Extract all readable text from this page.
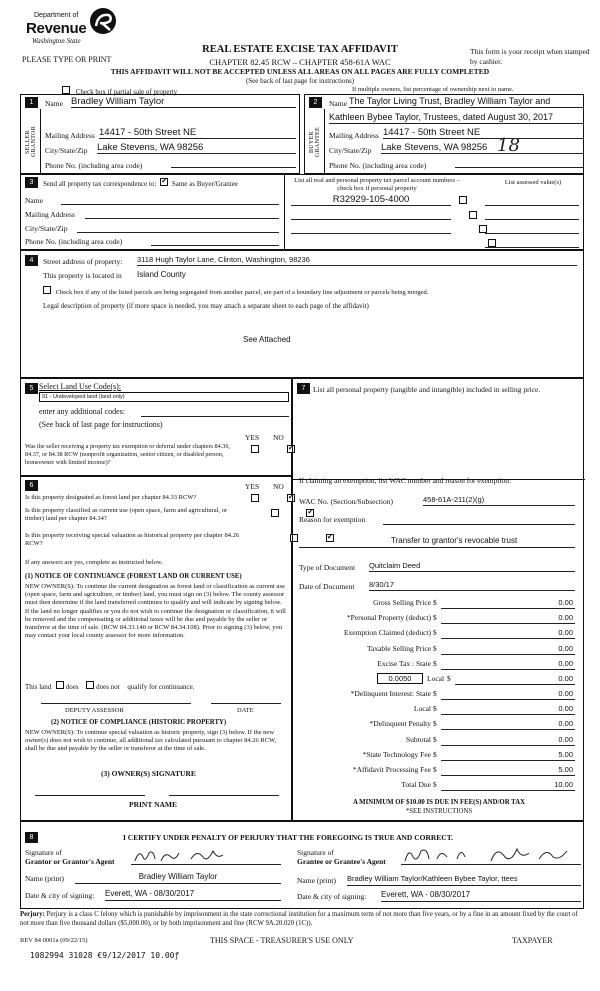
Department of
Revenue
Washington State
PLEASE TYPE OR PRINT
REAL ESTATE EXCISE TAX AFFIDAVIT
CHAPTER 82.45 RCW – CHAPTER 458-61A WAC
THIS AFFIDAVIT WILL NOT BE ACCEPTED UNLESS ALL AREAS ON ALL PAGES ARE FULLY COMPLETED
(See back of last page for instructions)
This form is your receipt when stamped by cashier.
Check box if partial sale of property	If multiple owners, list percentage of ownership next to name.
1
SELLER GRANTOR
Name Bradley William Taylor
Mailing Address 14417 - 50th Street NE
City/State/Zip Lake Stevens, WA 98256
Phone No. (including area code)
2
BUYER GRANTEE
Name The Taylor Living Trust, Bradley William Taylor and
Kathleen Bybee Taylor, Trustees, dated August 30, 2017
Mailing Address 14417 - 50th Street NE
City/State/Zip Lake Stevens, WA 98256 18
Phone No. (including area code)
3	Send all property tax correspondence to: ✓ Same as Buyer/Grantee
Name
Mailing Address
City/State/Zip
Phone No. (including area code)
List all real and personal property tax parcel account numbers – check box if personal property
R32929-105-4000

List assessed value(s)
4	Street address of property: 3118 Hugh Taylor Lane, Clinton, Washington, 98236
This property is located in Island County
Check box if any of the listed parcels are being segregated from another parcel, are part of a boundary line adjustment or parcels being merged.
Legal description of property (if more space is needed, you may attach a separate sheet to each page of the affidavit)
See Attached
5 Select Land Use Code(s):
91 - Undeveloped land (land only)
enter any additional codes:
(See back of last page for instructions)
YES NO
Was the seller receiving a property tax exemption or deferral under chapters 84.36, 84.37, or 84.38 RCW (nonprofit organization, senior citizen, or disabled person, homeowner with limited income)?
✓
6	YES NO
Is this property designated as forest land per chapter 84.33 RCW?
✓
Is this property classified as current use (open space, farm and agricultural, or timber) land per chapter 84.34?
✓
Is this property receiving special valuation as historical property per chapter 84.26 RCW?
✓
If any answers are yes, complete as instructed below.
(1) NOTICE OF CONTINUANCE (FOREST LAND OR CURRENT USE)
NEW OWNER(S): To continue the current designation as forest land or classification as current use (open space, farm and agriculture, or timber) land, you must sign on (3) below. The county assessor must then determine if the land transferred continues to qualify and will indicate by signing below. If the land no longer qualifies or you do not wish to continue the designation or classification, it will be removed and the compensating or additional taxes will be due and payable by the seller or transferor at the time of sale. (RCW 84.33.140 or RCW 84.34.108). Prior to signing (3) below, you may contact your local county assessor for more information.
This land does	does not qualify for continuance.
DEPUTY ASSESSOR	DATE
(2) NOTICE OF COMPLIANCE (HISTORIC PROPERTY)
NEW OWNER(S): To continue special valuation as historic property, sign (3) below. If the new owner(s) does not wish to continue, all additional tax calculated pursuant to chapter 84.26 RCW, shall be due and payable by the seller or transferor at the time of sale.
(3) OWNER(S) SIGNATURE
PRINT NAME
7	List all personal property (tangible and intangible) included in selling price.
If claiming an exemption, list WAC number and reason for exemption:
WAC No. (Section/Subsection)	458-61A-211(2)(g)
Reason for exemption
Transfer to grantor's revocable trust
Type of Document Quitclaim Deed
Date of Document 8/30/17
Gross Selling Price $	0.00
*Personal Property (deduct) $	0.00
Exemption Claimed (deduct) $	0.00
Taxable Selling Price $	0.00
Excise Tax : State $	0.00
0.0050	Local $	0.00
*Delinquent Interest: State $	0.00
Local $	0.00
*Delinquent Penalty $	0.00
Subtotal $	0.00
*State Technology Fee $	5.00
*Affidavit Processing Fee $	5.00
Total Due $	10.00
A MINIMUM OF $10.00 IS DUE IN FEE(S) AND/OR TAX
*SEE INSTRUCTIONS
8	I CERTIFY UNDER PENALTY OF PERJURY THAT THE FOREGOING IS TRUE AND CORRECT.
Signature of
Grantor or Grantor's Agent
Name (print)	Bradley William Taylor
Date & city of signing: Everett, WA - 08/30/2017
Signature of
Grantee or Grantee's Agent
Name (print) Bradley William Taylor/Kathleen Bybee Taylor, ttees
Date & city of signing: Everett, WA - 08/30/2017
Perjury: Perjury is a class C felony which is punishable by imprisonment in the state correctional institution for a maximum term of not more than five years, or by a fine in an amount fixed by the court of not more than five thousand dollars ($5,000.00), or by both imprisonment and fine (RCW 9A.20.020 (1C)).
REV 84 0001a (09/22/15)	THIS SPACE - TREASURER'S USE ONLY	TAXPAYER
1082994 31028 €9/12/2017 10.00ƒ
